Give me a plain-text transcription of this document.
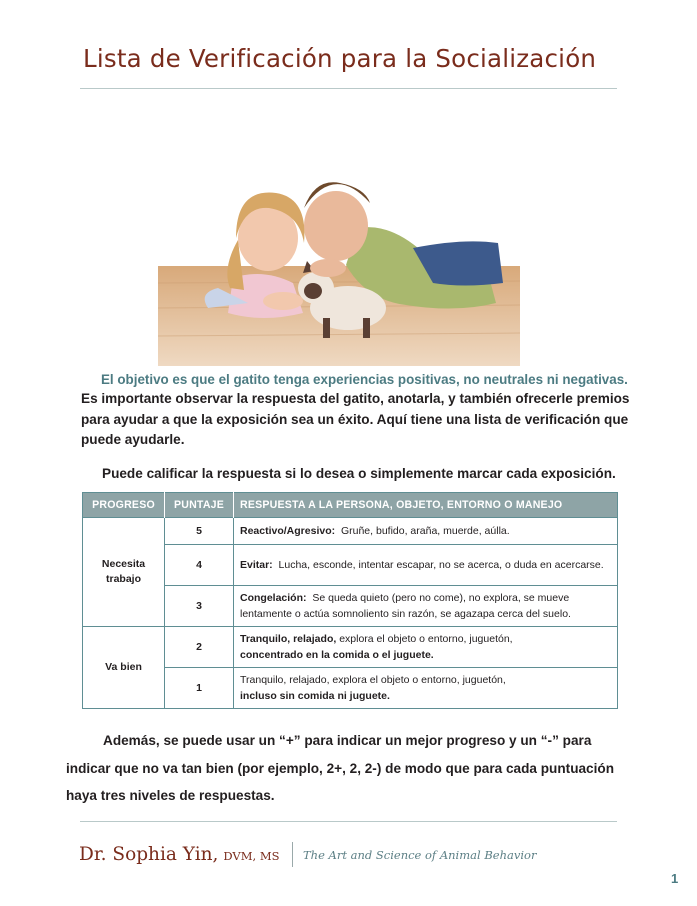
Lista de Verificación para la Socialización
El objetivo es que el gatito tenga experiencias positivas, no neutrales ni negativas.
Es importante observar la respuesta del gatito, anotarla, y también ofrecerle premios para ayudar a que la exposición sea un éxito. Aquí tiene una lista de verificación que puede ayudarle.
Puede calificar la respuesta si lo desea o simplemente marcar cada exposición.
PROGRESO	PUNTAJE	RESPUESTA A LA PERSONA, OBJETO, ENTORNO O MANEJO
Necesita trabajo	5	Reactivo/Agresivo: Gruñe, bufido, araña, muerde, aúlla.
	4	Evitar: Lucha, esconde, intentar escapar, no se acerca, o duda en acercarse.
	3	Congelación: Se queda quieto (pero no come), no explora, se mueve lentamente o actúa somnoliento sin razón, se agazapa cerca del suelo.
Va bien	2	Tranquilo, relajado, explora el objeto o entorno, juguetón,
concentrado en la comida o el juguete.
	1	Tranquilo, relajado, explora el objeto o entorno, juguetón,
incluso sin comida ni juguete.
Además, se puede usar un “+” para indicar un mejor progreso y un “-” para indicar que no va tan bien (por ejemplo, 2+, 2, 2-) de modo que para cada puntuación haya tres niveles de respuestas.
Dr. Sophia Yin, DVM, MS The Art and Science of Animal Behavior
1
